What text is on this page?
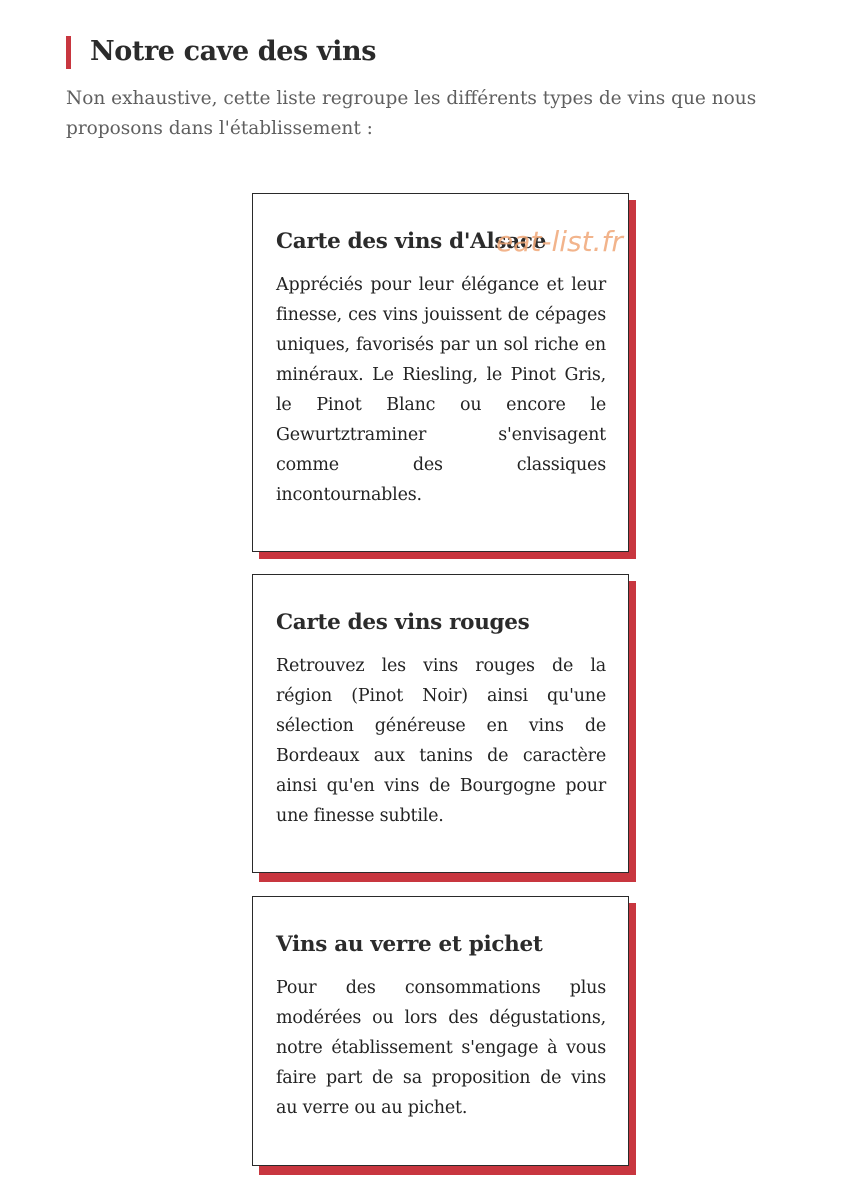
Notre cave des vins

Non exhaustive, cette liste regroupe les différents types de vins que nous proposons dans l'établissement :

Carte des vins d'Alsace
Appréciés pour leur élégance et leur finesse, ces vins jouissent de cépages uniques, favorisés par un sol riche en minéraux. Le Riesling, le Pinot Gris, le Pinot Blanc ou encore le Gewurtztraminer s'envisagent comme des classiques incontournables.
Carte des vins rouges
Retrouvez les vins rouges de la région (Pinot Noir) ainsi qu'une sélection généreuse en vins de Bordeaux aux tanins de caractère ainsi qu'en vins de Bourgogne pour une finesse subtile.
Vins au verre et pichet
Pour des consommations plus modérées ou lors des dégustations, notre établissement s'engage à vous faire part de sa proposition de vins au verre ou au pichet.
eat-list.fr
